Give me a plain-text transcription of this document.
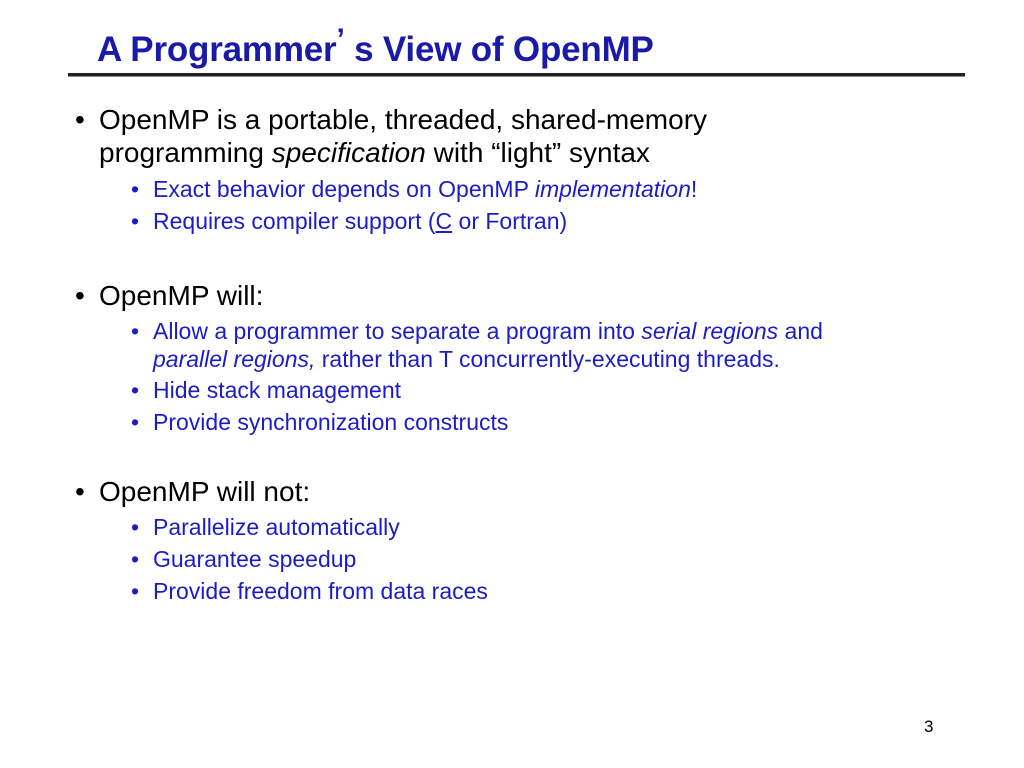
A Programmer’ s View of OpenMP
• OpenMP is a portable, threaded, shared-memory
programming specification with “light” syntax
• Exact behavior depends on OpenMP implementation!
• Requires compiler support (C or Fortran)
• OpenMP will:
• Allow a programmer to separate a program into serial regions and
parallel regions, rather than T concurrently-executing threads.
• Hide stack management
• Provide synchronization constructs
• OpenMP will not:
• Parallelize automatically
• Guarantee speedup
• Provide freedom from data races
3
